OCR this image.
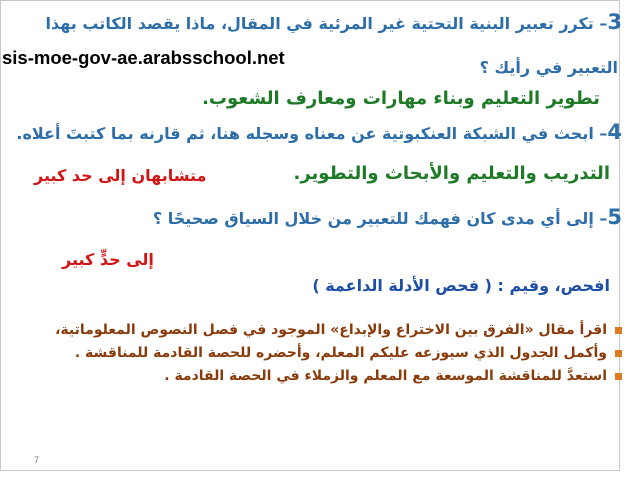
3– تكرر تعبير البنية التحتية غير المرئية في المقال، ماذا يقصد الكاتب بهذا
sis-moe-gov-ae.arabsschool.net	التعبير في رأيك ؟
تطوير التعليم وبناء مهارات ومعارف الشعوب.
4– ابحث في الشبكة العنكبوتية عن معناه وسجله هنا، ثم قارنه بما كتبتَ أعلاه.
التدريب والتعليم والأبحاث والتطوير.
متشابهان إلى حد كبير
5– إلى أي مدى كان فهمك للتعبير من خلال السياق صحيحًا ؟
إلى حدٍّ كبير
افحص، وقيم : ( فحص الأدلة الداعمة )
اقرأ مقال «الفرق بين الاختراع والإبداع» الموجود في فصل النصوص المعلوماتية،
وأكمل الجدول الذي سيوزعه عليكم المعلم، وأحضره للحصة القادمة للمناقشة .
استعدَّ للمناقشة الموسعة مع المعلم والزملاء في الحصة القادمة .
7
